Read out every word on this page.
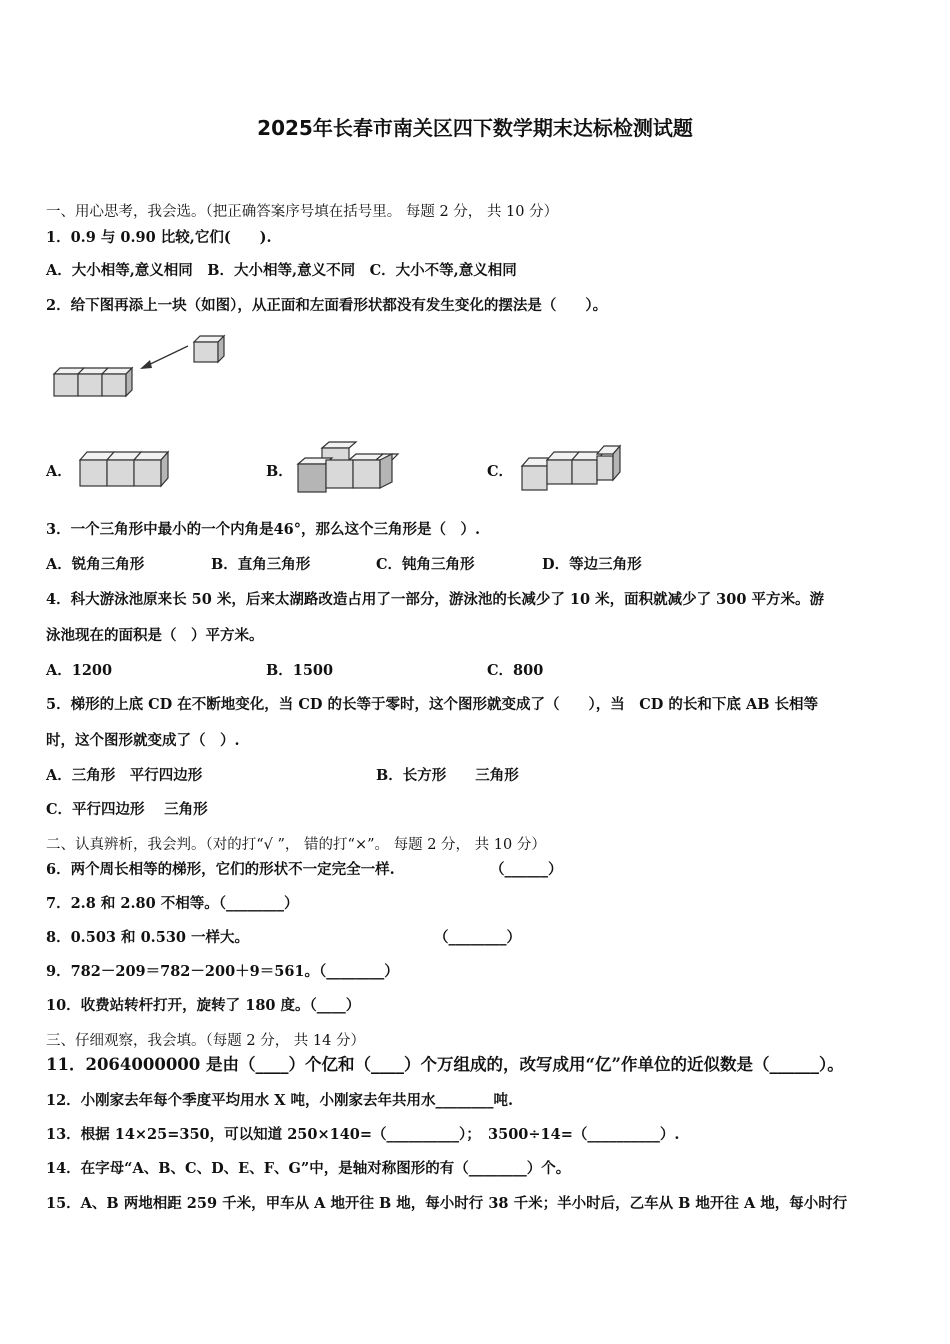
2025年长春市南关区四下数学期末达标检测试题
一、用心思考，我会选。（把正确答案序号填在括号里。 每题 2 分， 共 10 分）
1．0.9 与 0.90 比较,它们(　　).
A．大小相等,意义相同　B．大小相等,意义不同　C．大小不等,意义相同
2．给下图再添上一块（如图），从正面和左面看形状都没有发生变化的摆法是（　　）。
A．	B．	C．
3．一个三角形中最小的一个内角是46°，那么这个三角形是（　）.
A．锐角三角形	B．直角三角形	C．钝角三角形	D．等边三角形
4．科大游泳池原来长 50 米，后来太湖路改造占用了一部分，游泳池的长减少了 10 米，面积就减少了 300 平方米。游
泳池现在的面积是（　）平方米。
A．1200	B．1500	C．800
5．梯形的上底 CD 在不断地变化，当 CD 的长等于零时，这个图形就变成了（　　），当　CD 的长和下底 AB 长相等
时，这个图形就变成了（　）.
A．三角形　平行四边形	B．长方形　　三角形
C．平行四边形　 三角形
二、认真辨析，我会判。（对的打“√ ”， 错的打“×”。 每题 2 分， 共 10 分）
6．两个周长相等的梯形，它们的形状不一定完全一样.	（______）
7．2.8 和 2.80 不相等。（________）
8．0.503 和 0.530 一样大。	（________）
9．782－209＝782－200＋9＝561。（________）
10．收费站转杆打开，旋转了 180 度。（____）
三、仔细观察，我会填。（每题 2 分， 共 14 分）
11．2064000000 是由（____）个亿和（____）个万组成的，改写成用“亿”作单位的近似数是（______）。
12．小刚家去年每个季度平均用水 X 吨，小刚家去年共用水________吨.
13．根据 14×25=350，可以知道 250×140=（__________）；　3500÷14=（__________）.
14．在字母“A、B、C、D、E、F、G”中，是轴对称图形的有（________）个。
15．A、B 两地相距 259 千米，甲车从 A 地开往 B 地，每小时行 38 千米；半小时后，乙车从 B 地开往 A 地，每小时行
